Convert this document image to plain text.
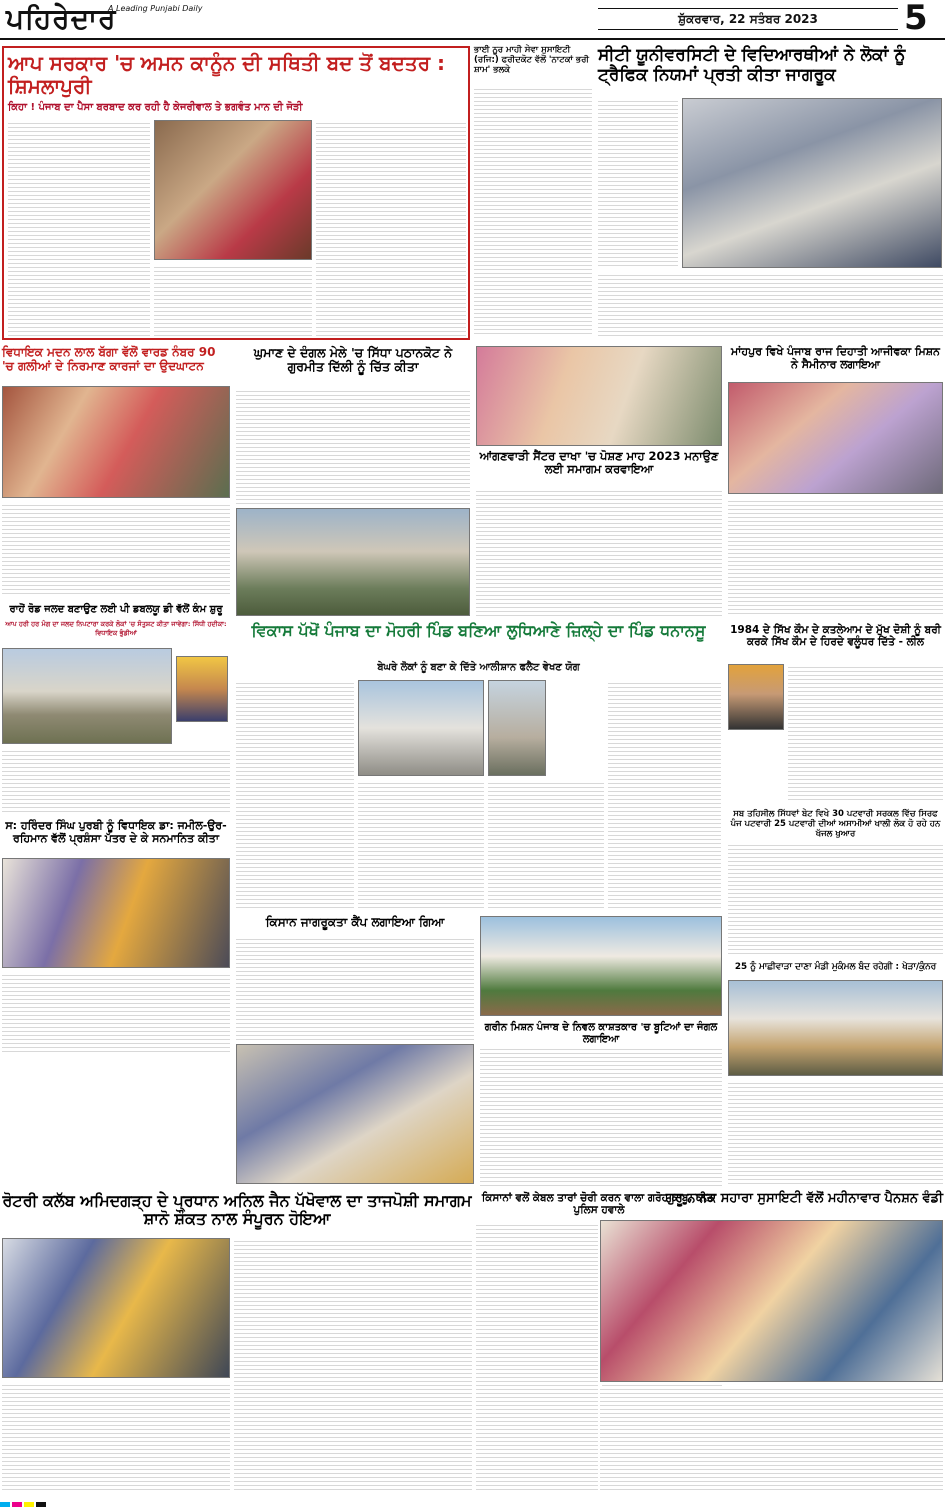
ਪਹਿਰੇਦਾਰ
A Leading Punjabi Daily
ਸ਼ੁੱਕਰਵਾਰ, 22 ਸਤੰਬਰ 2023	5
ਆਪ ਸਰਕਾਰ 'ਚ ਅਮਨ ਕਾਨੂੰਨ ਦੀ ਸਥਿਤੀ ਬਦ ਤੋਂ ਬਦਤਰ : ਸ਼ਿਮਲਾਪੁਰੀ
ਕਿਹਾ ! ਪੰਜਾਬ ਦਾ ਪੈਸਾ ਬਰਬਾਦ ਕਰ ਰਹੀ ਹੈ ਕੇਜਰੀਵਾਲ ਤੇ ਭਗਵੰਤ ਮਾਨ ਦੀ ਜੋੜੀ
ਭਾਈ ਨੂਰ ਮਾਹੀ ਸੇਵਾ ਸੁਸਾਇਟੀ (ਰਜਿ:) ਫਰੀਦਕੋਟ ਵੱਲੋਂ 'ਨਾਟਕਾਂ ਭਰੀ ਸ਼ਾਮ' ਭਲਕੇ
ਸੀਟੀ ਯੂਨੀਵਰਸਿਟੀ ਦੇ ਵਿਦਿਆਰਥੀਆਂ ਨੇ ਲੋਕਾਂ ਨੂੰ ਟ੍ਰੈਫਿਕ ਨਿਯਮਾਂ ਪ੍ਰਤੀ ਕੀਤਾ ਜਾਗਰੂਕ
ਵਿਧਾਇਕ ਮਦਨ ਲਾਲ ਬੱਗਾ ਵੱਲੋਂ ਵਾਰਡ ਨੰਬਰ 90 'ਚ ਗਲੀਆਂ ਦੇ ਨਿਰਮਾਣ ਕਾਰਜਾਂ ਦਾ ਉਦਘਾਟਨ
ਘੁਮਾਣ ਦੇ ਦੰਗਲ ਮੇਲੇ 'ਚ ਸਿੱਧਾ ਪਠਾਨਕੋਟ ਨੇ ਗੁਰਮੀਤ ਦਿੱਲੀ ਨੂੰ ਚਿੱਤ ਕੀਤਾ
ਆਂਗਣਵਾੜੀ ਸੈਂਟਰ ਦਾਖਾ 'ਚ ਪੋਸ਼ਣ ਮਾਹ 2023 ਮਨਾਉਣ ਲਈ ਸਮਾਗਮ ਕਰਵਾਇਆ
ਮਾਂਹਪੁਰ ਵਿਖੇ ਪੰਜਾਬ ਰਾਜ ਦਿਹਾਤੀ ਆਜੀਵਕਾ ਮਿਸ਼ਨ ਨੇ ਸੈਮੀਨਾਰ ਲਗਾਇਆ
ਰਾਹੋਂ ਰੋਡ ਜਲਦ ਬਣਾਉਣ ਲਈ ਪੀ ਡਬਲਯੂ ਡੀ ਵੱਲੋਂ ਕੰਮ ਸ਼ੁਰੂ
ਆਪ ਹਰੀ ਹਰ ਮੰਗ ਦਾ ਜਲਦ ਨਿਪਟਾਰਾ ਕਰਕੇ ਲੋਕਾਂ 'ਚ ਸੰਤੁਸ਼ਟ ਕੀਤਾ ਜਾਵੇਗਾ: ਸਿੱਧੀ ਹਦੀਕਾ: ਵਿਧਾਇਕ ਭੁੰਡੀਆਂ	ਵਿਕਾਸ ਪੱਖੋਂ ਪੰਜਾਬ ਦਾ ਮੋਹਰੀ ਪਿੰਡ ਬਣਿਆ ਲੁਧਿਆਣੇ ਜ਼ਿਲ੍ਹੇ ਦਾ ਪਿੰਡ ਧਨਾਨਸੂ
ਬੇਘਰੇ ਲੋਕਾਂ ਨੂੰ ਬਣਾ ਕੇ ਦਿੱਤੇ ਆਲੀਸ਼ਾਨ ਫਲੈਟ ਵੇਖਣ ਯੋਗ
1984 ਦੇ ਸਿੱਖ ਕੌਮ ਦੇ ਕਤਲੇਆਮ ਦੇ ਮੁੱਖ ਦੋਸ਼ੀ ਨੂੰ ਬਰੀ ਕਰਕੇ ਸਿੱਖ ਕੌਮ ਦੇ ਹਿਰਦੇ ਵਲੂੰਧਰ ਦਿੱਤੇ - ਲੀਲ
ਸਬ ਤਹਿਸੀਲ ਸਿੱਧਵਾਂ ਬੇਟ ਵਿਖੇ 30 ਪਟਵਾਰੀ ਸਰਕਲ ਵਿੱਚ ਸਿਰਫ ਪੰਜ ਪਟਵਾਰੀ 25 ਪਟਵਾਰੀ ਦੀਆਂ ਅਸਾਮੀਆਂ ਖਾਲੀ ਲੋਕ ਹੋ ਰਹੇ ਹਨ ਖੱਜਲ ਖੁਆਰ
ਸ: ਹਰਿੰਦਰ ਸਿੰਘ ਪੁਰਬੀ ਨੂੰ ਵਿਧਾਇਕ ਡਾ: ਜਮੀਲ-ਉਰ-ਰਹਿਮਾਨ ਵੱਲੋਂ ਪ੍ਰਸ਼ੰਸਾ ਪੱਤਰ ਦੇ ਕੇ ਸਨਮਾਨਿਤ ਕੀਤਾ
ਕਿਸਾਨ ਜਾਗਰੂਕਤਾ ਕੈਂਪ ਲਗਾਇਆ ਗਿਆ
ਗਰੀਨ ਮਿਸ਼ਨ ਪੰਜਾਬ ਦੇ ਨਿਵਲ ਕਾਸ਼ਤਕਾਰ 'ਚ ਬੂਟਿਆਂ ਦਾ ਜੰਗਲ ਲਗਾਇਆ
25 ਨੂੰ ਮਾਛੀਵਾੜਾ ਦਾਣਾ ਮੰਡੀ ਮੁਕੰਮਲ ਬੰਦ ਰਹੇਗੀ : ਖੇੜਾ/ਕੁੰਨਰ
ਰੋਟਰੀ ਕਲੱਬ ਅਮਿਦਗੜ੍ਹ ਦੇ ਪ੍ਰਧਾਨ ਅਨਿਲ ਜੈਨ ਪੱਖੋਵਾਲ ਦਾ ਤਾਜਪੋਸ਼ੀ ਸਮਾਗਮ ਸ਼ਾਨੋ ਸ਼ੌਕਤ ਨਾਲ ਸੰਪੂਰਨ ਹੋਇਆ
ਕਿਸਾਨਾਂ ਵਲੋਂ ਕੇਬਲ ਤਾਰਾਂ ਚੋਰੀ ਕਰਨ ਵਾਲਾ ਗਰੋਹ ਕਾਬੂ, ਕੀਤਾ ਪੁਲਿਸ ਹਵਾਲੇ
ਗੁਰੂ ਨਾਨਕ ਸਹਾਰਾ ਸੁਸਾਇਟੀ ਵੱਲੋਂ ਮਹੀਨਾਵਾਰ ਪੈਨਸ਼ਨ ਵੰਡੀ
